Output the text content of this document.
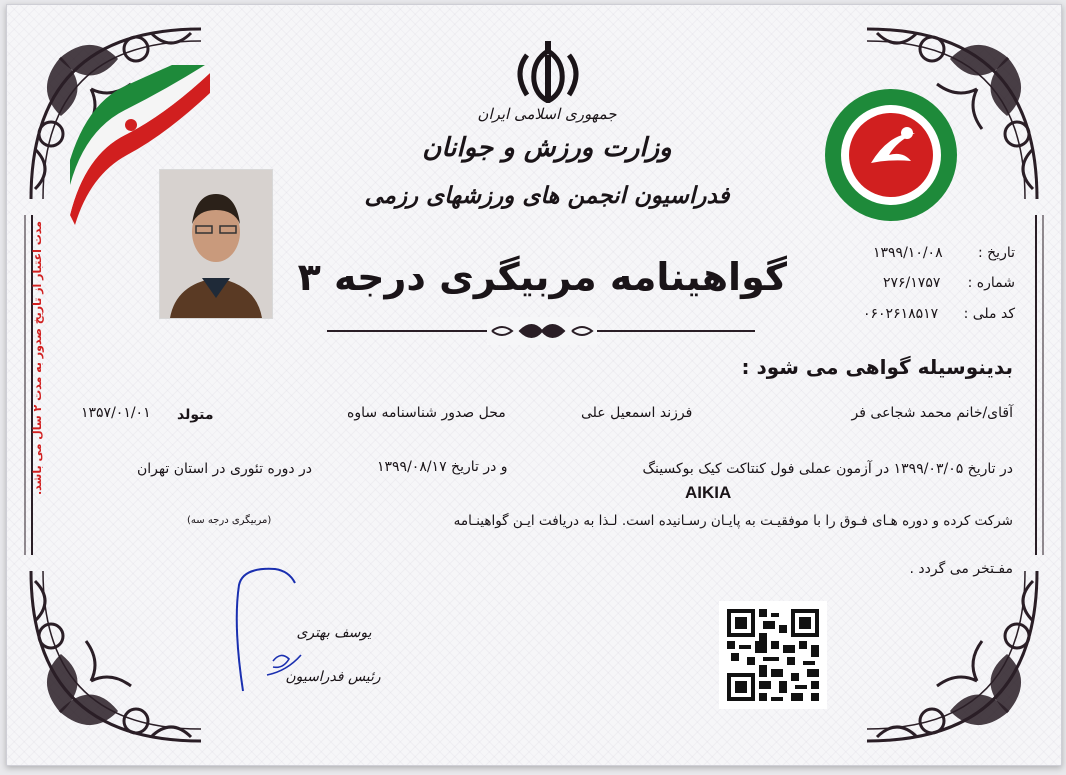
جمهوری اسلامی ایران
وزارت ورزش و جوانان
فدراسیون انجمن های ورزشهای رزمی
گواهینامه مربیگری درجه ۳
تاریخ :
۱۳۹۹/۱۰/۰۸
شماره :
۲۷۶/۱۷۵۷
کد ملی :
۰۶۰۲۶۱۸۵۱۷
بدینوسیله گواهی می شود :
آقای/خانم محمد شجاعی فر
فرزند اسمعیل علی
محل صدور شناسنامه ساوه
متولد
۱۳۵۷/۰۱/۰۱
در تاریخ ۱۳۹۹/۰۳/۰۵ در آزمون عملی فول کنتاکت کیک بوکسینگ
و در تاریخ ۱۳۹۹/۰۸/۱۷
در دوره تئوری در استان تهران
AIKIA
شرکت کرده و دوره هـای فـوق را با موفقیـت به پایـان رسـانیده است. لـذا به دریافت ایـن گواهینـامه
(مربیگری درجه سه)
مفـتخر می گردد .
یوسف بهتری
رئیس فدراسیون
مدت اعتبار از تاریخ صدور به مدت ۲ سال می باشد.
